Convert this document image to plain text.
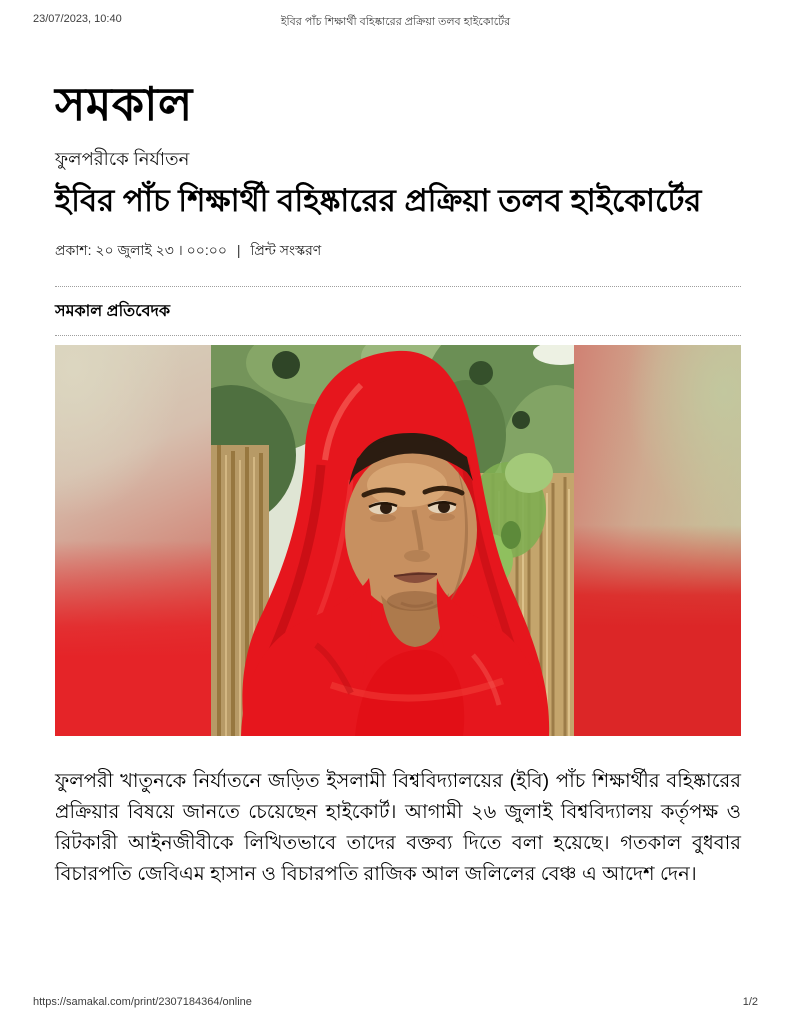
ইবির পাঁচ শিক্ষার্থী বহিষ্কারের প্রক্রিয়া তলব হাইকোর্টের
23/07/2023, 10:40
সমকাল
ফুলপরীকে নির্যাতন
ইবির পাঁচ শিক্ষার্থী বহিষ্কারের প্রক্রিয়া তলব হাইকোর্টের
প্রকাশ: ২০ জুলাই ২৩ । ০০:০০ | প্রিন্ট সংস্করণ
সমকাল প্রতিবেদক

ফুলপরী খাতুনকে নির্যাতনে জড়িত ইসলামী বিশ্ববিদ্যালয়ের (ইবি) পাঁচ শিক্ষার্থীর বহিষ্কারের প্রক্রিয়ার বিষয়ে জানতে চেয়েছেন হাইকোর্ট। আগামী ২৬ জুলাই বিশ্ববিদ্যালয় কর্তৃপক্ষ ও রিটকারী আইনজীবীকে লিখিতভাবে তাদের বক্তব্য দিতে বলা হয়েছে। গতকাল বুধবার বিচারপতি জেবিএম হাসান ও বিচারপতি রাজিক আল জলিলের বেঞ্চ এ আদেশ দেন।

https://samakal.com/print/2307184364/online	1/2
